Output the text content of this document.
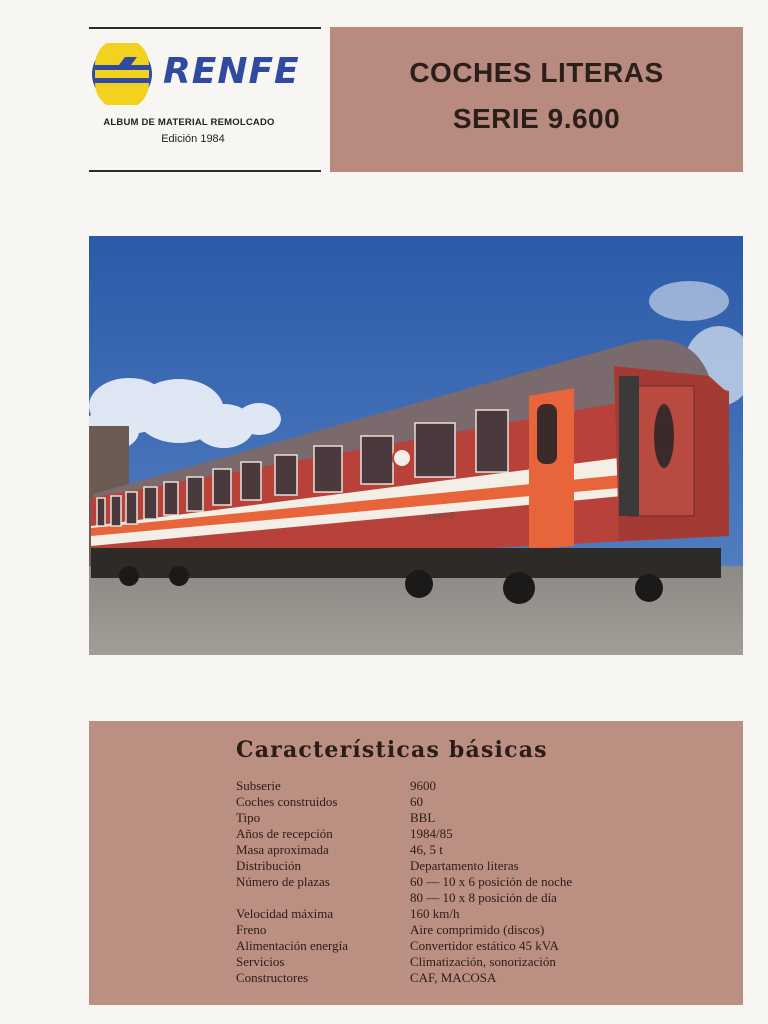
RENFE
ALBUM DE MATERIAL REMOLCADO
Edición 1984
COCHES LITERAS
SERIE 9.600
LITERAS
Características básicas
Subserie	9600
Coches construidos	60
Tipo	BBL
Años de recepción	1984/85
Masa aproximada	46, 5 t
Distribución	Departamento literas
Número de plazas	60 — 10 x 6 posición de noche
80 — 10 x 8 posición de día
Velocidad máxima	160 km/h
Freno	Aire comprimido (discos)
Alimentación energía	Convertidor estático 45 kVA
Servicios	Climatización, sonorización
Constructores	CAF, MACOSA
